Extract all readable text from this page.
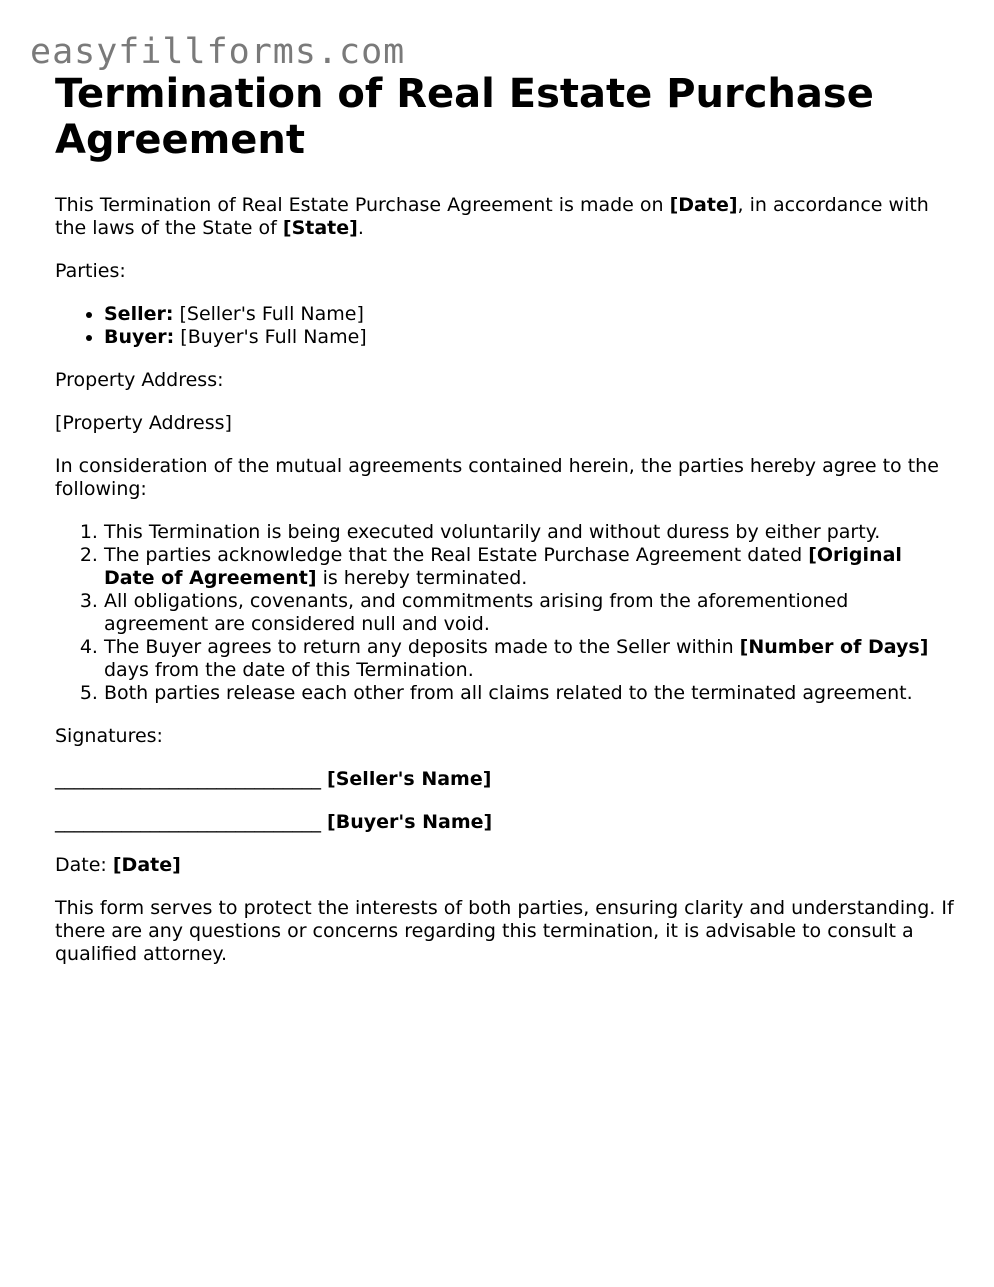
easyfillforms.com
Termination of Real Estate Purchase Agreement

This Termination of Real Estate Purchase Agreement is made on [Date], in accordance with the laws of the State of [State].

Parties:

• Seller: [Seller's Full Name]
• Buyer: [Buyer's Full Name]

Property Address:

[Property Address]

In consideration of the mutual agreements contained herein, the parties hereby agree to the following:

1. This Termination is being executed voluntarily and without duress by either party.
2. The parties acknowledge that the Real Estate Purchase Agreement dated [Original Date of Agreement] is hereby terminated.
3. All obligations, covenants, and commitments arising from the aforementioned agreement are considered null and void.
4. The Buyer agrees to return any deposits made to the Seller within [Number of Days] days from the date of this Termination.
5. Both parties release each other from all claims related to the terminated agreement.

Signatures:

____________________________ [Seller's Name]

____________________________ [Buyer's Name]

Date: [Date]

This form serves to protect the interests of both parties, ensuring clarity and understanding. If there are any questions or concerns regarding this termination, it is advisable to consult a qualified attorney.
